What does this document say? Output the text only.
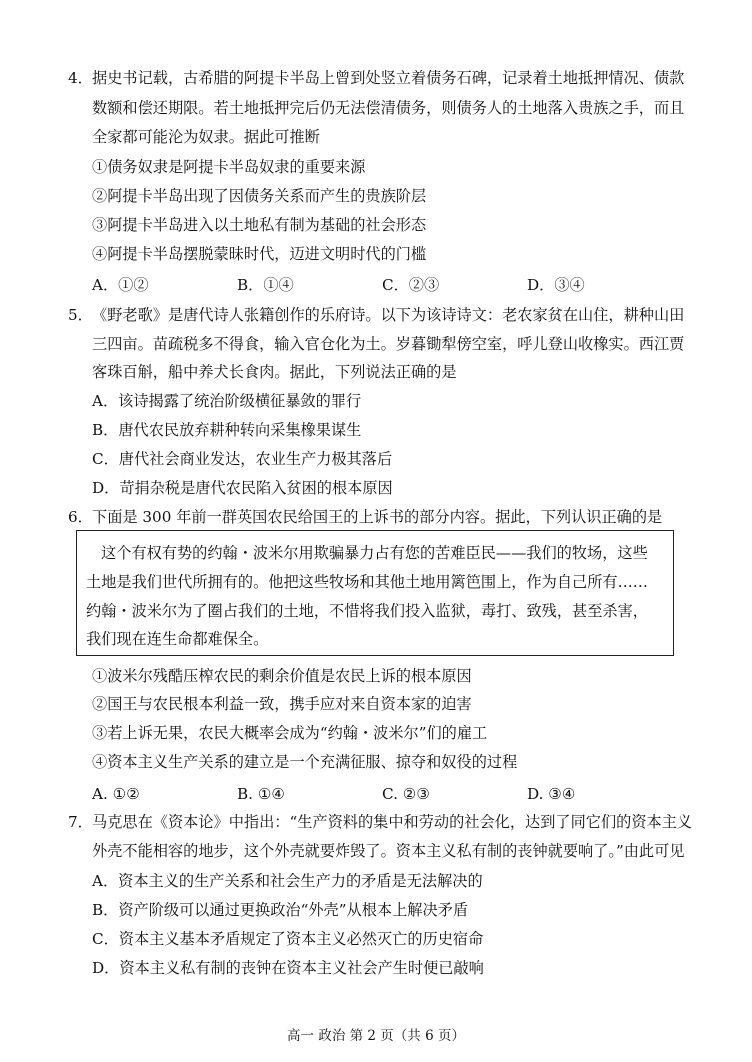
4．据史书记载，古希腊的阿提卡半岛上曾到处竖立着债务石碑，记录着土地抵押情况、债款
数额和偿还期限。若土地抵押完后仍无法偿清债务，则债务人的土地落入贵族之手，而且
全家都可能沦为奴隶。据此可推断
①债务奴隶是阿提卡半岛奴隶的重要来源
②阿提卡半岛出现了因债务关系而产生的贵族阶层
③阿提卡半岛进入以土地私有制为基础的社会形态
④阿提卡半岛摆脱蒙昧时代，迈进文明时代的门槛
A．①②	B．①④	C．②③	D．③④
5．《野老歌》是唐代诗人张籍创作的乐府诗。以下为该诗诗文：老农家贫在山住，耕种山田
三四亩。苗疏税多不得食，输入官仓化为土。岁暮锄犁傍空室，呼儿登山收橡实。西江贾
客珠百斛，船中养犬长食肉。据此，下列说法正确的是
A．该诗揭露了统治阶级横征暴敛的罪行
B．唐代农民放弃耕种转向采集橡果谋生
C．唐代社会商业发达，农业生产力极其落后
D．苛捐杂税是唐代农民陷入贫困的根本原因
6．下面是 300 年前一群英国农民给国王的上诉书的部分内容。据此，下列认识正确的是
这个有权有势的约翰・波米尔用欺骗暴力占有您的苦难臣民——我们的牧场，这些
土地是我们世代所拥有的。他把这些牧场和其他土地用篱笆围上，作为自己所有……
约翰・波米尔为了圈占我们的土地，不惜将我们投入监狱，毒打、致残，甚至杀害，
我们现在连生命都难保全。
①波米尔残酷压榨农民的剩余价值是农民上诉的根本原因
②国王与农民根本利益一致，携手应对来自资本家的迫害
③若上诉无果，农民大概率会成为“约翰・波米尔”们的雇工
④资本主义生产关系的建立是一个充满征服、掠夺和奴役的过程
A. ①②	B. ①④	C. ②③	D. ③④
7．马克思在《资本论》中指出：“生产资料的集中和劳动的社会化，达到了同它们的资本主义
外壳不能相容的地步，这个外壳就要炸毁了。资本主义私有制的丧钟就要响了。”由此可见
A．资本主义的生产关系和社会生产力的矛盾是无法解决的
B．资产阶级可以通过更换政治“外壳”从根本上解决矛盾
C．资本主义基本矛盾规定了资本主义必然灭亡的历史宿命
D．资本主义私有制的丧钟在资本主义社会产生时便已敲响
高一 政治 第 2 页（共 6 页）
